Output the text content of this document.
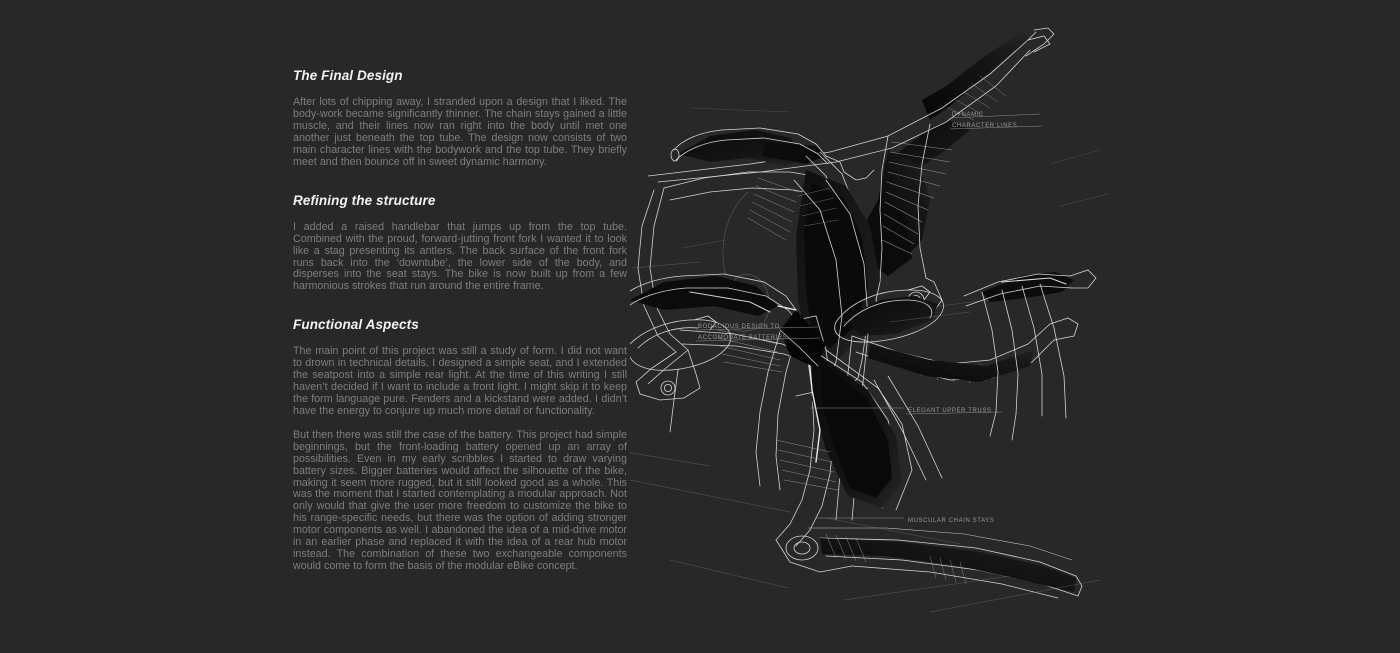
The Final Design

After lots of chipping away, I stranded upon a design that I liked. The body-work became significantly thinner. The chain stays gained a little muscle, and their lines now ran right into the body until met one another just beneath the top tube. The design now consists of two main character lines with the bodywork and the top tube. They briefly meet and then bounce off in sweet dynamic harmony.

Refining the structure

I added a raised handlebar that jumps up from the top tube. Combined with the proud, forward-jutting front fork I wanted it to look like a stag presenting its antlers. The back surface of the front fork runs back into the ‘downtube’, the lower side of the body, and disperses into the seat stays. The bike is now built up from a few harmonious strokes that run around the entire frame.

Functional Aspects

The main point of this project was still a study of form. I did not want to drown in technical details. I designed a simple seat, and I extended the seatpost into a simple rear light. At the time of this writing I still haven’t decided if I want to include a front light. I might skip it to keep the form language pure. Fenders and a kickstand were added. I didn’t have the energy to conjure up much more detail or functionality.

But then there was still the case of the battery. This project had simple beginnings, but the front-loading battery opened up an array of possibilities. Even in my early scribbles I started to draw varying battery sizes. Bigger batteries would affect the silhouette of the bike, making it seem more rugged, but it still looked good as a whole. This was the moment that I started contemplating a modular approach. Not only would that give the user more freedom to customize the bike to his range-specific needs, but there was the option of adding stronger motor components as well. I abandoned the idea of a mid-drive motor in an earlier phase and replaced it with the idea of a rear hub motor instead. The combination of these two exchangeable components would come to form the basis of the modular eBike concept.

DYNAMIC
CHARACTER LINES
BODACIOUS DESIGN TO
ACCOMODATE BATTERIES
ELEGANT UPPER TRUSS
MUSCULAR CHAIN STAYS
